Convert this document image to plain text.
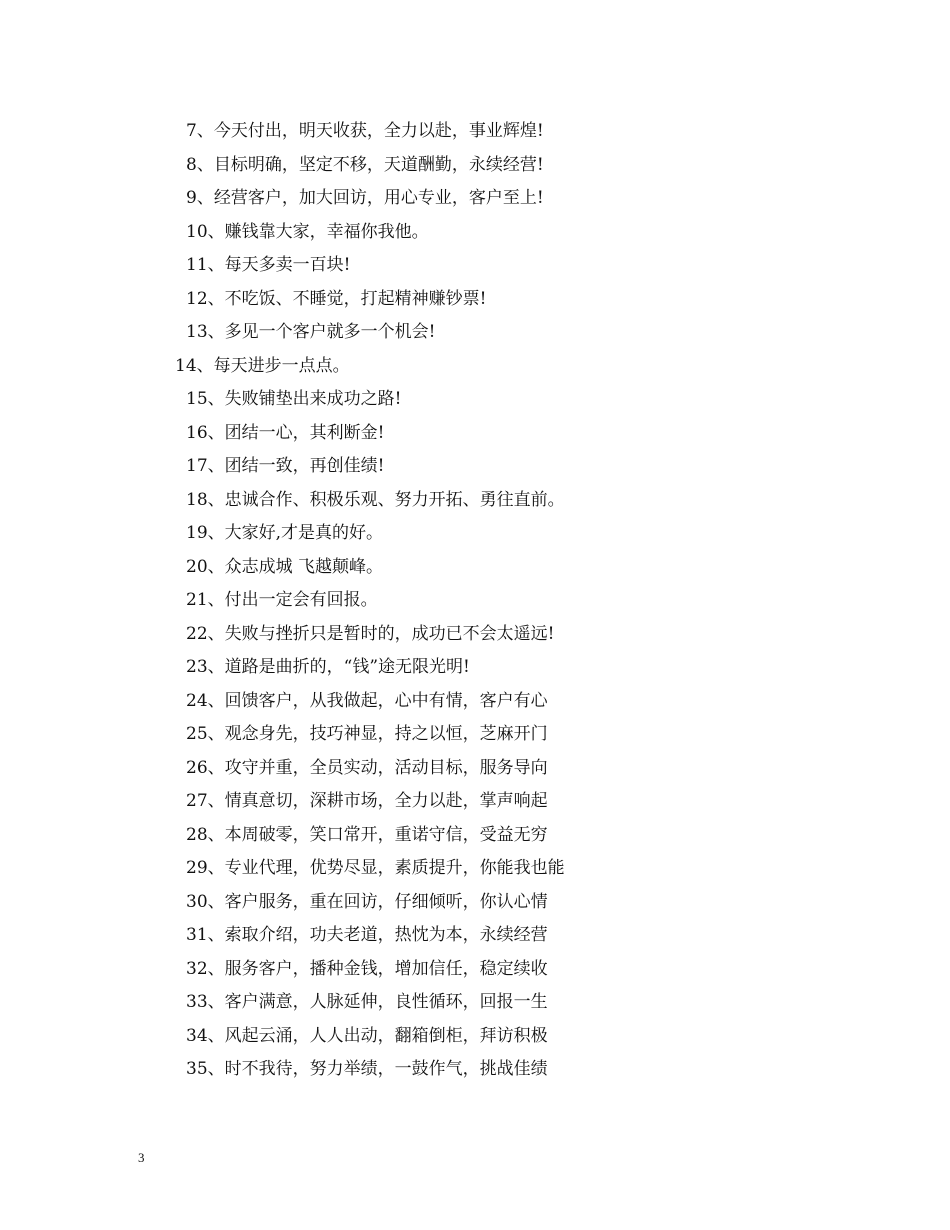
7、今天付出，明天收获，全力以赴，事业辉煌!
8、目标明确，坚定不移，天道酬勤，永续经营!
9、经营客户，加大回访，用心专业，客户至上!
10、赚钱靠大家，幸福你我他。
11、每天多卖一百块!
12、不吃饭、不睡觉，打起精神赚钞票!
13、多见一个客户就多一个机会!
14、每天进步一点点。
15、失败铺垫出来成功之路!
16、团结一心，其利断金!
17、团结一致，再创佳绩!
18、忠诚合作、积极乐观、努力开拓、勇往直前。
19、大家好,才是真的好。
20、众志成城 飞越颠峰。
21、付出一定会有回报。
22、失败与挫折只是暂时的，成功已不会太遥远!
23、道路是曲折的，“钱”途无限光明!
24、回馈客户，从我做起，心中有情，客户有心
25、观念身先，技巧神显，持之以恒，芝麻开门
26、攻守并重，全员实动，活动目标，服务导向
27、情真意切，深耕市场，全力以赴，掌声响起
28、本周破零，笑口常开，重诺守信，受益无穷
29、专业代理，优势尽显，素质提升，你能我也能
30、客户服务，重在回访，仔细倾听，你认心情
31、索取介绍，功夫老道，热忱为本，永续经营
32、服务客户，播种金钱，增加信任，稳定续收
33、客户满意，人脉延伸，良性循环，回报一生
34、风起云涌，人人出动，翻箱倒柜，拜访积极
35、时不我待，努力举绩，一鼓作气，挑战佳绩
3
